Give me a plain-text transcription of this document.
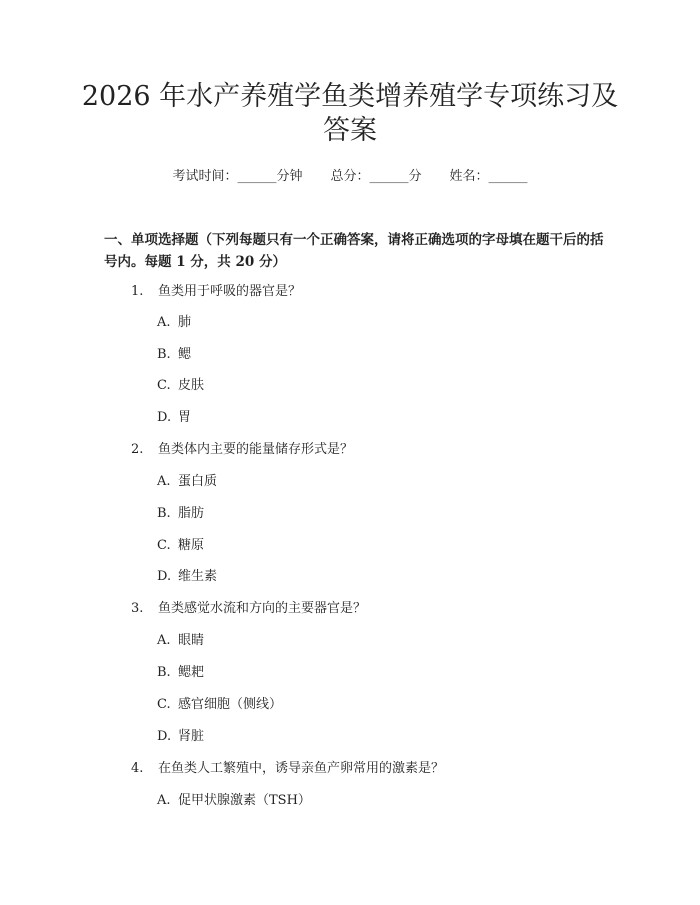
2026 年水产养殖学鱼类增养殖学专项练习及
答案
考试时间：______分钟 总分：______分 姓名：______

一、单项选择题（下列每题只有一个正确答案，请将正确选项的字母填在题干后的括号内。每题 1 分，共 20 分）

1. 鱼类用于呼吸的器官是？
A. 肺
B. 鳃
C. 皮肤
D. 胃
2. 鱼类体内主要的能量储存形式是？
A. 蛋白质
B. 脂肪
C. 糖原
D. 维生素
3. 鱼类感觉水流和方向的主要器官是？
A. 眼睛
B. 鳃耙
C. 感官细胞（侧线）
D. 肾脏
4. 在鱼类人工繁殖中，诱导亲鱼产卵常用的激素是？
A. 促甲状腺激素（TSH）
